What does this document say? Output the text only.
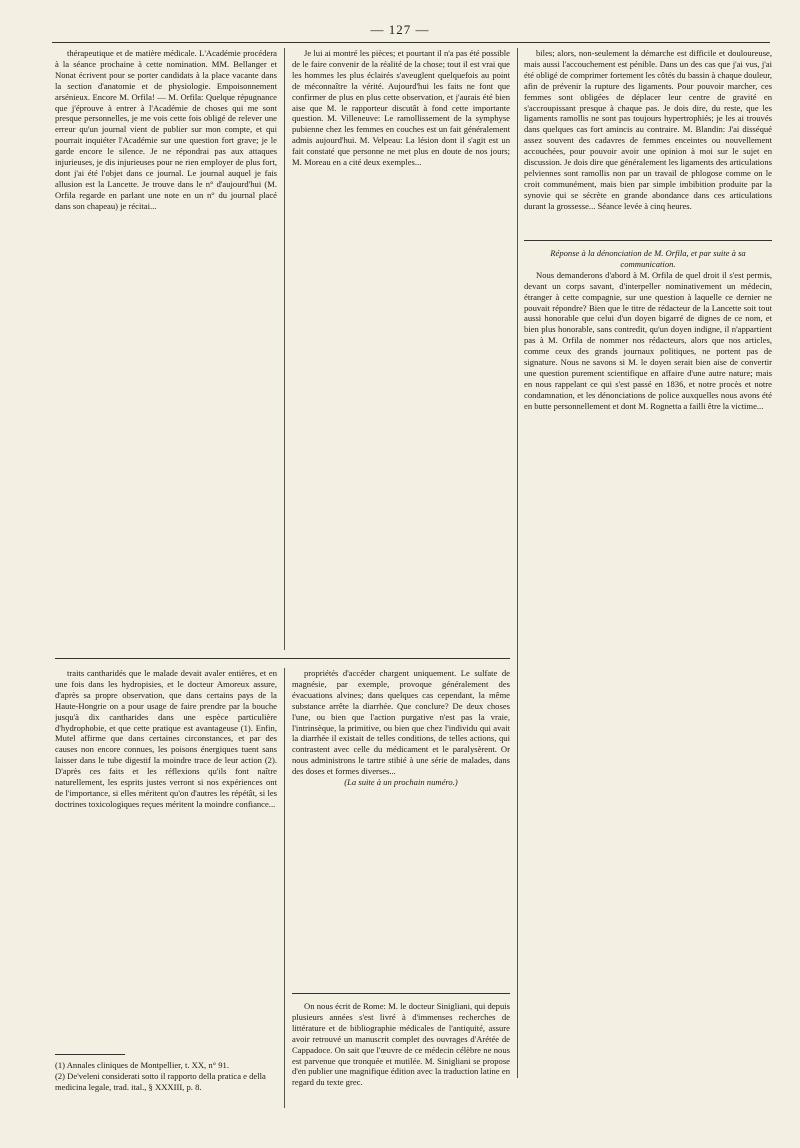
— 127 —

thérapeutique et de matière médicale. L'Académie procédera à la séance prochaine à cette nomination. MM. Bellanger et Nonat écrivent pour se porter candidats à la place vacante dans la section d'anatomie et de physiologie. Empoisonnement arsénieux. Encore M. Orfila! — M. Orfila: Quelque répugnance que j'éprouve à entrer à l'Académie de choses qui me sont presque personnelles, je me vois cette fois obligé de relever une erreur qu'un journal vient de publier sur mon compte, et qui pourrait inquiéter l'Académie sur une question fort grave; je le garde encore le silence. Je ne répondrai pas aux attaques injurieuses, je dis injurieuses pour ne rien employer de plus fort, dont j'ai été l'objet dans ce journal. Le journal auquel je fais allusion est la Lancette. Je trouve dans le n° d'aujourd'hui (M. Orfila regarde en parlant une note en un n° du journal placé dans son chapeau) je récitai...

Je lui ai montré les pièces; et pourtant il n'a pas été possible de le faire convenir de la réalité de la chose; tout il est vrai que les hommes les plus éclairés s'aveuglent quelquefois au point de méconnaître la vérité. Aujourd'hui les faits ne font que confirmer de plus en plus cette observation, et j'aurais été bien aise que M. le rapporteur discutât à fond cette importante question. M. Villeneuve: Le ramollissement de la symphyse pubienne chez les femmes en couches est un fait généralement admis aujourd'hui. M. Velpeau: La lésion dont il s'agit est un fait constaté que personne ne met plus en doute de nos jours; M. Moreau en a cité deux exemples...

biles; alors, non-seulement la démarche est difficile et douloureuse, mais aussi l'accouchement est pénible. Dans un des cas que j'ai vus, j'ai été obligé de comprimer fortement les côtés du bassin à chaque douleur, afin de prévenir la rupture des ligaments. Pour pouvoir marcher, ces femmes sont obligées de déplacer leur centre de gravité en s'accroupissant presque à chaque pas. Je dois dire, du reste, que les ligaments ramollis ne sont pas toujours hypertrophiés; je les ai trouvés dans quelques cas fort amincis au contraire. M. Blandin: J'ai disséqué assez souvent des cadavres de femmes enceintes ou nouvellement accouchées, pour pouvoir avoir une opinion à moi sur le sujet en discussion. Je dois dire que généralement les ligaments des articulations pelviennes sont ramollis non par un travail de phlogose comme on le croit communément, mais bien par simple imbibition produite par la synovie qui se sécrète en grande abondance dans ces articulations durant la grossesse... Séance levée à cinq heures.

Réponse à la dénonciation de M. Orfila, et par suite à sa communication.

Nous demanderons d'abord à M. Orfila de quel droit il s'est permis, devant un corps savant, d'interpeller nominativement un médecin, étranger à cette compagnie, sur une question à laquelle ce dernier ne pouvait répondre? Bien que le titre de rédacteur de la Lancette soit tout aussi honorable que celui d'un doyen bigarré de dignes de ce nom, et bien plus honorable, sans contredit, qu'un doyen indigne, il n'appartient pas à M. Orfila de nommer nos rédacteurs, alors que nos articles, comme ceux des grands journaux politiques, ne portent pas de signature. Nous ne savons si M. le doyen serait bien aise de convertir une question purement scientifique en affaire d'une autre nature; mais en nous rappelant ce qui s'est passé en 1836, et notre procès et notre condamnation, et les dénonciations de police auxquelles nous avons été en butte personnellement et dont M. Rognetta a failli être la victime...

traits cantharidés que le malade devait avaler entières, et en une fois dans les hydropisies, et le docteur Amoreux assure, d'après sa propre observation, que dans certains pays de la Haute-Hongrie on a pour usage de faire prendre par la bouche jusqu'à dix cantharides dans une espèce particulière d'hydrophobie, et que cette pratique est avantageuse (1). Enfin, Mutel affirme que dans certaines circonstances, et par des causes non encore connues, les poisons énergiques tuent sans laisser dans le tube digestif la moindre trace de leur action (2). D'après ces faits et les réflexions qu'ils font naître naturellement, les esprits justes verront si nos expériences ont de l'importance, si elles méritent qu'on d'autres les répétât, si les doctrines toxicologiques reçues méritent la moindre confiance...

propriétés d'accéder chargent uniquement. Le sulfate de magnésie, par exemple, provoque généralement des évacuations alvines; dans quelques cas cependant, la même substance arrête la diarrhée. Que conclure? De deux choses l'une, ou bien que l'action purgative n'est pas la vraie, l'intrinsèque, la primitive, ou bien que chez l'individu qui avait la diarrhée il existait de telles conditions, de telles actions, qui contrastent avec celle du médicament et le paralysèrent. Or nous administrons le tartre stibié à une série de malades, dans des doses et formes diverses...

(La suite à un prochain numéro.)

On nous écrit de Rome: M. le docteur Sinigliani, qui depuis plusieurs années s'est livré à d'immenses recherches de littérature et de bibliographie médicales de l'antiquité, assure avoir retrouvé un manuscrit complet des ouvrages d'Arétée de Cappadoce. On sait que l'œuvre de ce médecin célèbre ne nous est parvenue que tronquée et mutilée. M. Sinigliani se propose d'en publier une magnifique édition avec la traduction latine en regard du texte grec.

(1) Annales cliniques de Montpellier, t. XX, n° 91.

(2) De'veleni considerati sotto il rapporto della pratica e della medicina legale, trad. ital., § XXXIII, p. 8.
